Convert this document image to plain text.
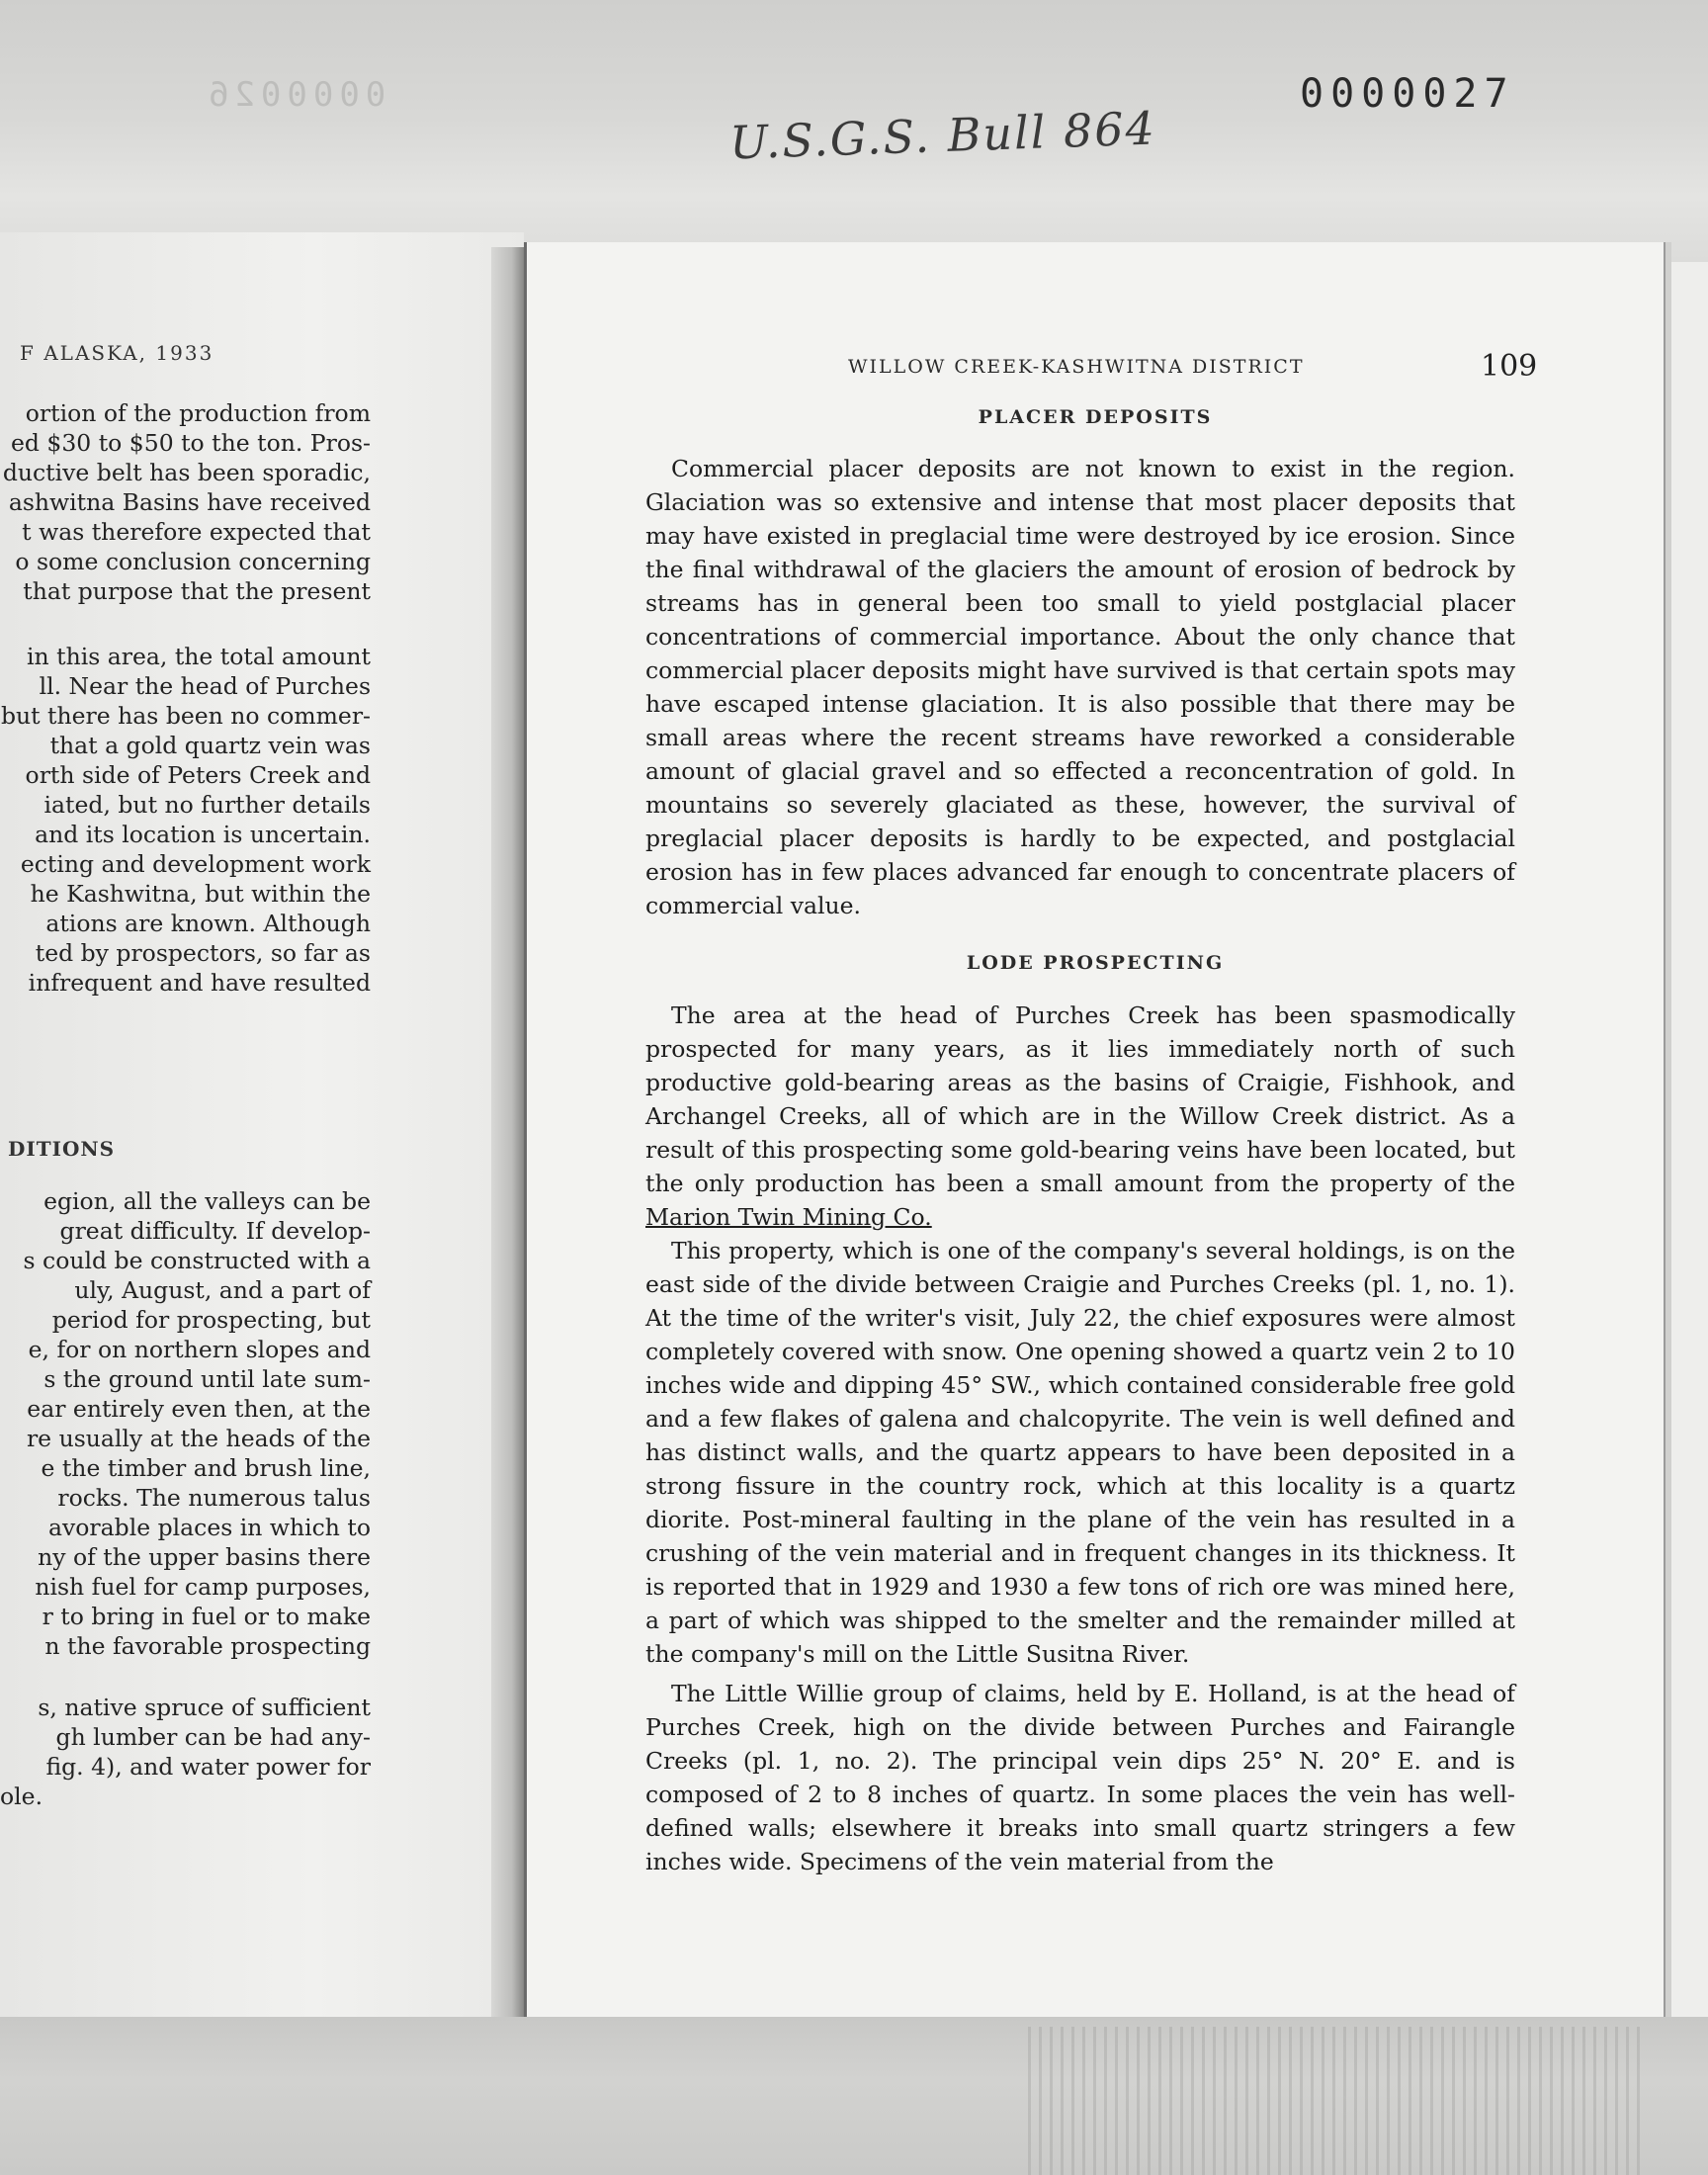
0000026	0000027
U.S.G.S. Bull 864
F ALASKA, 1933
ortion of the production from
ed $30 to $50 to the ton. Pros-
ductive belt has been sporadic,
ashwitna Basins have received
t was therefore expected that
o some conclusion concerning
that purpose that the present
in this area, the total amount
ll. Near the head of Purches
but there has been no commer-
that a gold quartz vein was
orth side of Peters Creek and
iated, but no further details
and its location is uncertain.
ecting and development work
he Kashwitna, but within the
ations are known. Although
ted by prospectors, so far as
infrequent and have resulted
DITIONS
egion, all the valleys can be
great difficulty. If develop-
s could be constructed with a
uly, August, and a part of
period for prospecting, but
e, for on northern slopes and
s the ground until late sum-
ear entirely even then, at the
re usually at the heads of the
e the timber and brush line,
rocks. The numerous talus
avorable places in which to
ny of the upper basins there
nish fuel for camp purposes,
r to bring in fuel or to make
n the favorable prospecting
s, native spruce of sufficient
gh lumber can be had any-
fig. 4), and water power for
ole.
WILLOW CREEK-KASHWITNA DISTRICT	109
PLACER DEPOSITS

Commercial placer deposits are not known to exist in the region. Glaciation was so extensive and intense that most placer deposits that may have existed in preglacial time were destroyed by ice erosion. Since the final withdrawal of the glaciers the amount of erosion of bedrock by streams has in general been too small to yield postglacial placer concentrations of commercial importance. About the only chance that commercial placer deposits might have survived is that certain spots may have escaped intense glaciation. It is also possible that there may be small areas where the recent streams have reworked a considerable amount of glacial gravel and so effected a reconcentration of gold. In mountains so severely glaciated as these, however, the survival of preglacial placer deposits is hardly to be expected, and postglacial erosion has in few places advanced far enough to concentrate placers of commercial value.

LODE PROSPECTING

The area at the head of Purches Creek has been spasmodically prospected for many years, as it lies immediately north of such productive gold-bearing areas as the basins of Craigie, Fishhook, and Archangel Creeks, all of which are in the Willow Creek district. As a result of this prospecting some gold-bearing veins have been located, but the only production has been a small amount from the property of the Marion Twin Mining Co.

This property, which is one of the company's several holdings, is on the east side of the divide between Craigie and Purches Creeks (pl. 1, no. 1). At the time of the writer's visit, July 22, the chief exposures were almost completely covered with snow. One opening showed a quartz vein 2 to 10 inches wide and dipping 45° SW., which contained considerable free gold and a few flakes of galena and chalcopyrite. The vein is well defined and has distinct walls, and the quartz appears to have been deposited in a strong fissure in the country rock, which at this locality is a quartz diorite. Post-mineral faulting in the plane of the vein has resulted in a crushing of the vein material and in frequent changes in its thickness. It is reported that in 1929 and 1930 a few tons of rich ore was mined here, a part of which was shipped to the smelter and the remainder milled at the company's mill on the Little Susitna River.

The Little Willie group of claims, held by E. Holland, is at the head of Purches Creek, high on the divide between Purches and Fairangle Creeks (pl. 1, no. 2). The principal vein dips 25° N. 20° E. and is composed of 2 to 8 inches of quartz. In some places the vein has well-defined walls; elsewhere it breaks into small quartz stringers a few inches wide. Specimens of the vein material from the
